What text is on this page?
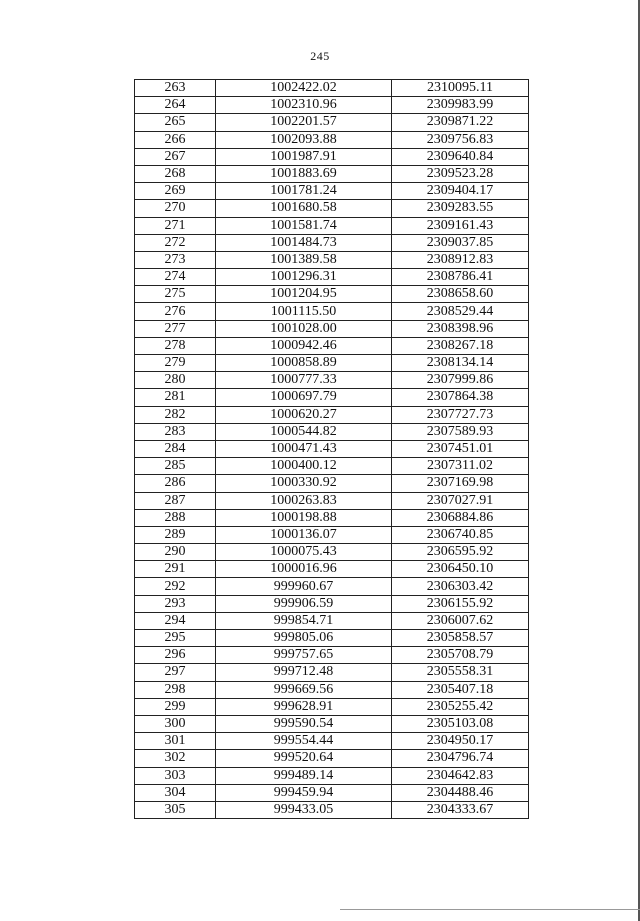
245
263	1002422.02	2310095.11
264	1002310.96	2309983.99
265	1002201.57	2309871.22
266	1002093.88	2309756.83
267	1001987.91	2309640.84
268	1001883.69	2309523.28
269	1001781.24	2309404.17
270	1001680.58	2309283.55
271	1001581.74	2309161.43
272	1001484.73	2309037.85
273	1001389.58	2308912.83
274	1001296.31	2308786.41
275	1001204.95	2308658.60
276	1001115.50	2308529.44
277	1001028.00	2308398.96
278	1000942.46	2308267.18
279	1000858.89	2308134.14
280	1000777.33	2307999.86
281	1000697.79	2307864.38
282	1000620.27	2307727.73
283	1000544.82	2307589.93
284	1000471.43	2307451.01
285	1000400.12	2307311.02
286	1000330.92	2307169.98
287	1000263.83	2307027.91
288	1000198.88	2306884.86
289	1000136.07	2306740.85
290	1000075.43	2306595.92
291	1000016.96	2306450.10
292	999960.67	2306303.42
293	999906.59	2306155.92
294	999854.71	2306007.62
295	999805.06	2305858.57
296	999757.65	2305708.79
297	999712.48	2305558.31
298	999669.56	2305407.18
299	999628.91	2305255.42
300	999590.54	2305103.08
301	999554.44	2304950.17
302	999520.64	2304796.74
303	999489.14	2304642.83
304	999459.94	2304488.46
305	999433.05	2304333.67
